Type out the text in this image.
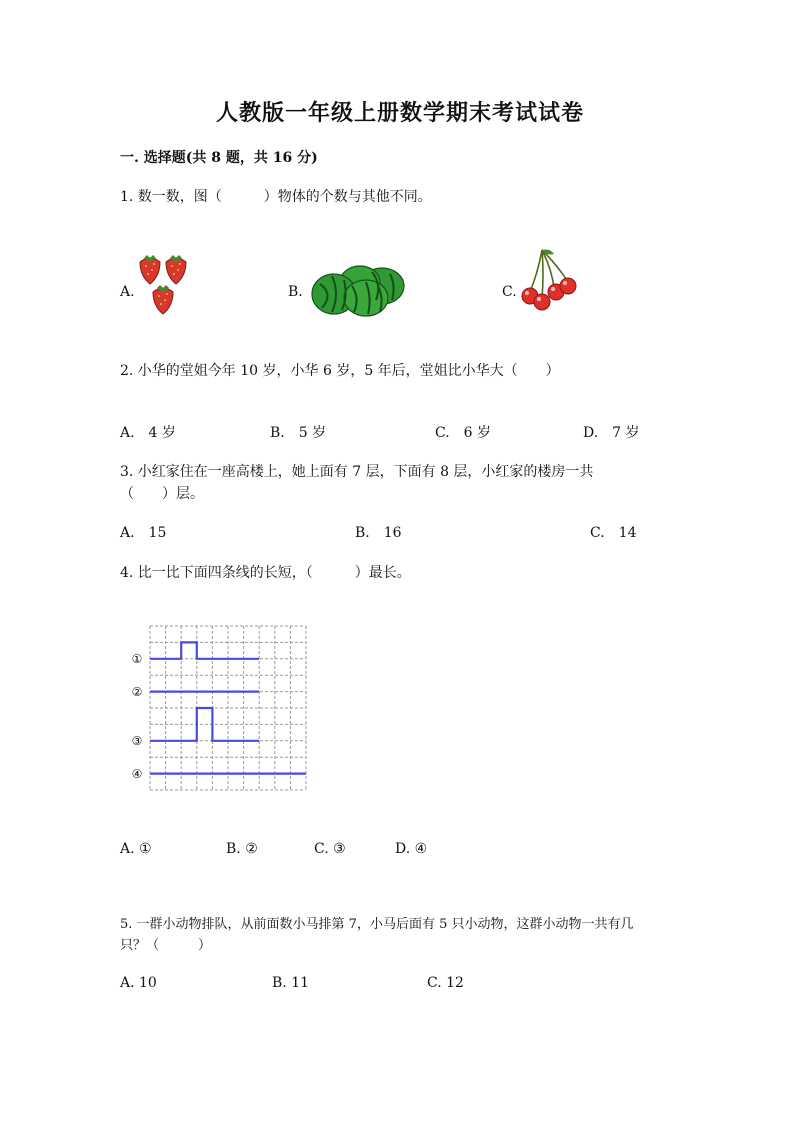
人教版一年级上册数学期末考试试卷
一. 选择题(共 8 题，共 16 分)
1. 数一数，图（　　　）物体的个数与其他不同。
A.	B.	C.
2. 小华的堂姐今年 10 岁，小华 6 岁，5 年后，堂姐比小华大（　　）
A.　4 岁	B.　5 岁	C.　6 岁	D.　7 岁
3. 小红家住在一座高楼上，她上面有 7 层，下面有 8 层，小红家的楼房一共
（　　）层。
A.　15	B.　16	C.　14
4. 比一比下面四条线的长短，（　　　）最长。
①
②
③
④
A. ①	B. ②	C. ③	D. ④
5. 一群小动物排队，从前面数小马排第 7，小马后面有 5 只小动物，这群小动物一共有几
只？（　　　）
A. 10	B. 11	C. 12
